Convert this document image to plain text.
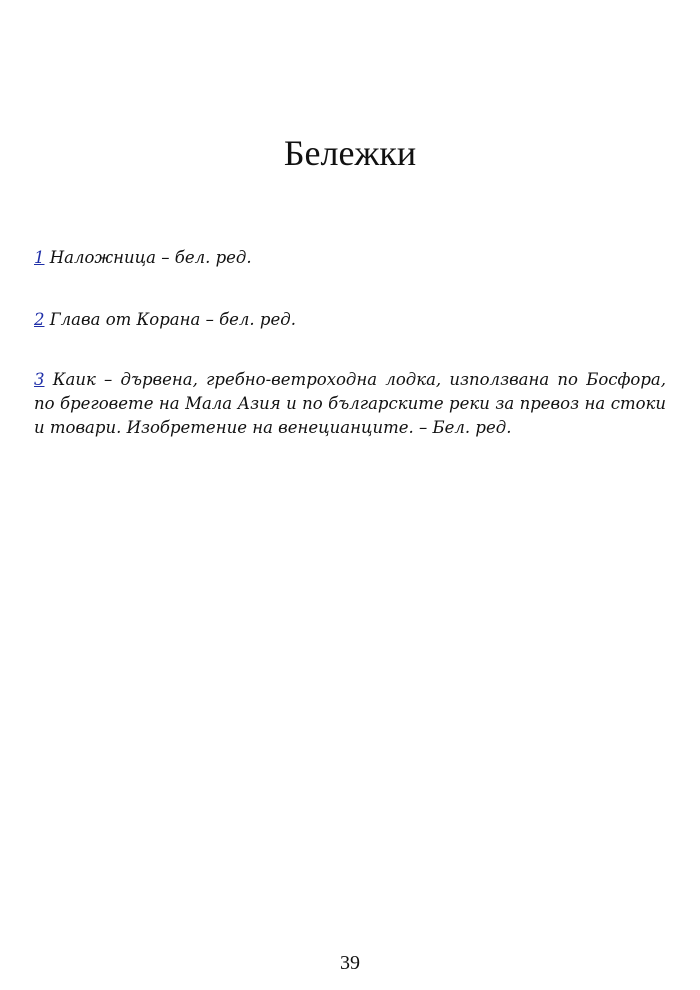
Бележки
1 Наложница – бел. ред.
2 Глава от Корана – бел. ред.
3 Каик – дървена, гребно-ветроходна лодка, използвана по Босфора, по бреговете на Мала Азия и по българските реки за превоз на стоки и товари. Изобретение на венецианците. – Бел. ред.
39
